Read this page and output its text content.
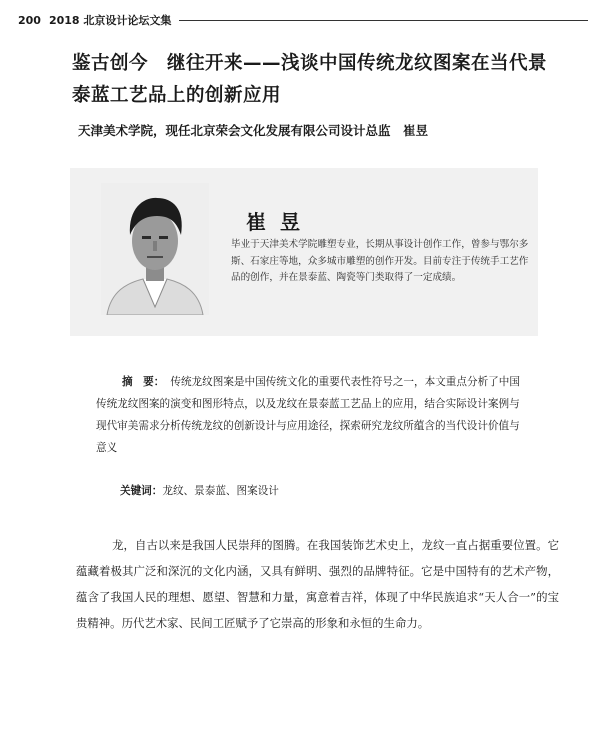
200 2018 北京设计论坛文集
鉴古创今　继往开来——浅谈中国传统龙纹图案在当代景泰蓝工艺品上的创新应用
天津美术学院，现任北京荣会文化发展有限公司设计总监　崔昱
崔昱
毕业于天津美术学院雕塑专业，长期从事设计创作工作，曾参与鄂尔多斯、石家庄等地，众多城市雕塑的创作开发。目前专注于传统手工艺作品的创作，并在景泰蓝、陶瓷等门类取得了一定成绩。
摘　要： 传统龙纹图案是中国传统文化的重要代表性符号之一，本文重点分析了中国传统龙纹图案的演变和图形特点，以及龙纹在景泰蓝工艺品上的应用，结合实际设计案例与现代审美需求分析传统龙纹的创新设计与应用途径，探索研究龙纹所蕴含的当代设计价值与意义
关键词：龙纹、景泰蓝、图案设计
龙，自古以来是我国人民崇拜的图腾。在我国装饰艺术史上，龙纹一直占据重要位置。它蕴藏着极其广泛和深沉的文化内涵，又具有鲜明、强烈的品牌特征。它是中国特有的艺术产物，蕴含了我国人民的理想、愿望、智慧和力量，寓意着吉祥，体现了中华民族追求“天人合一”的宝贵精神。历代艺术家、民间工匠赋予了它崇高的形象和永恒的生命力。
